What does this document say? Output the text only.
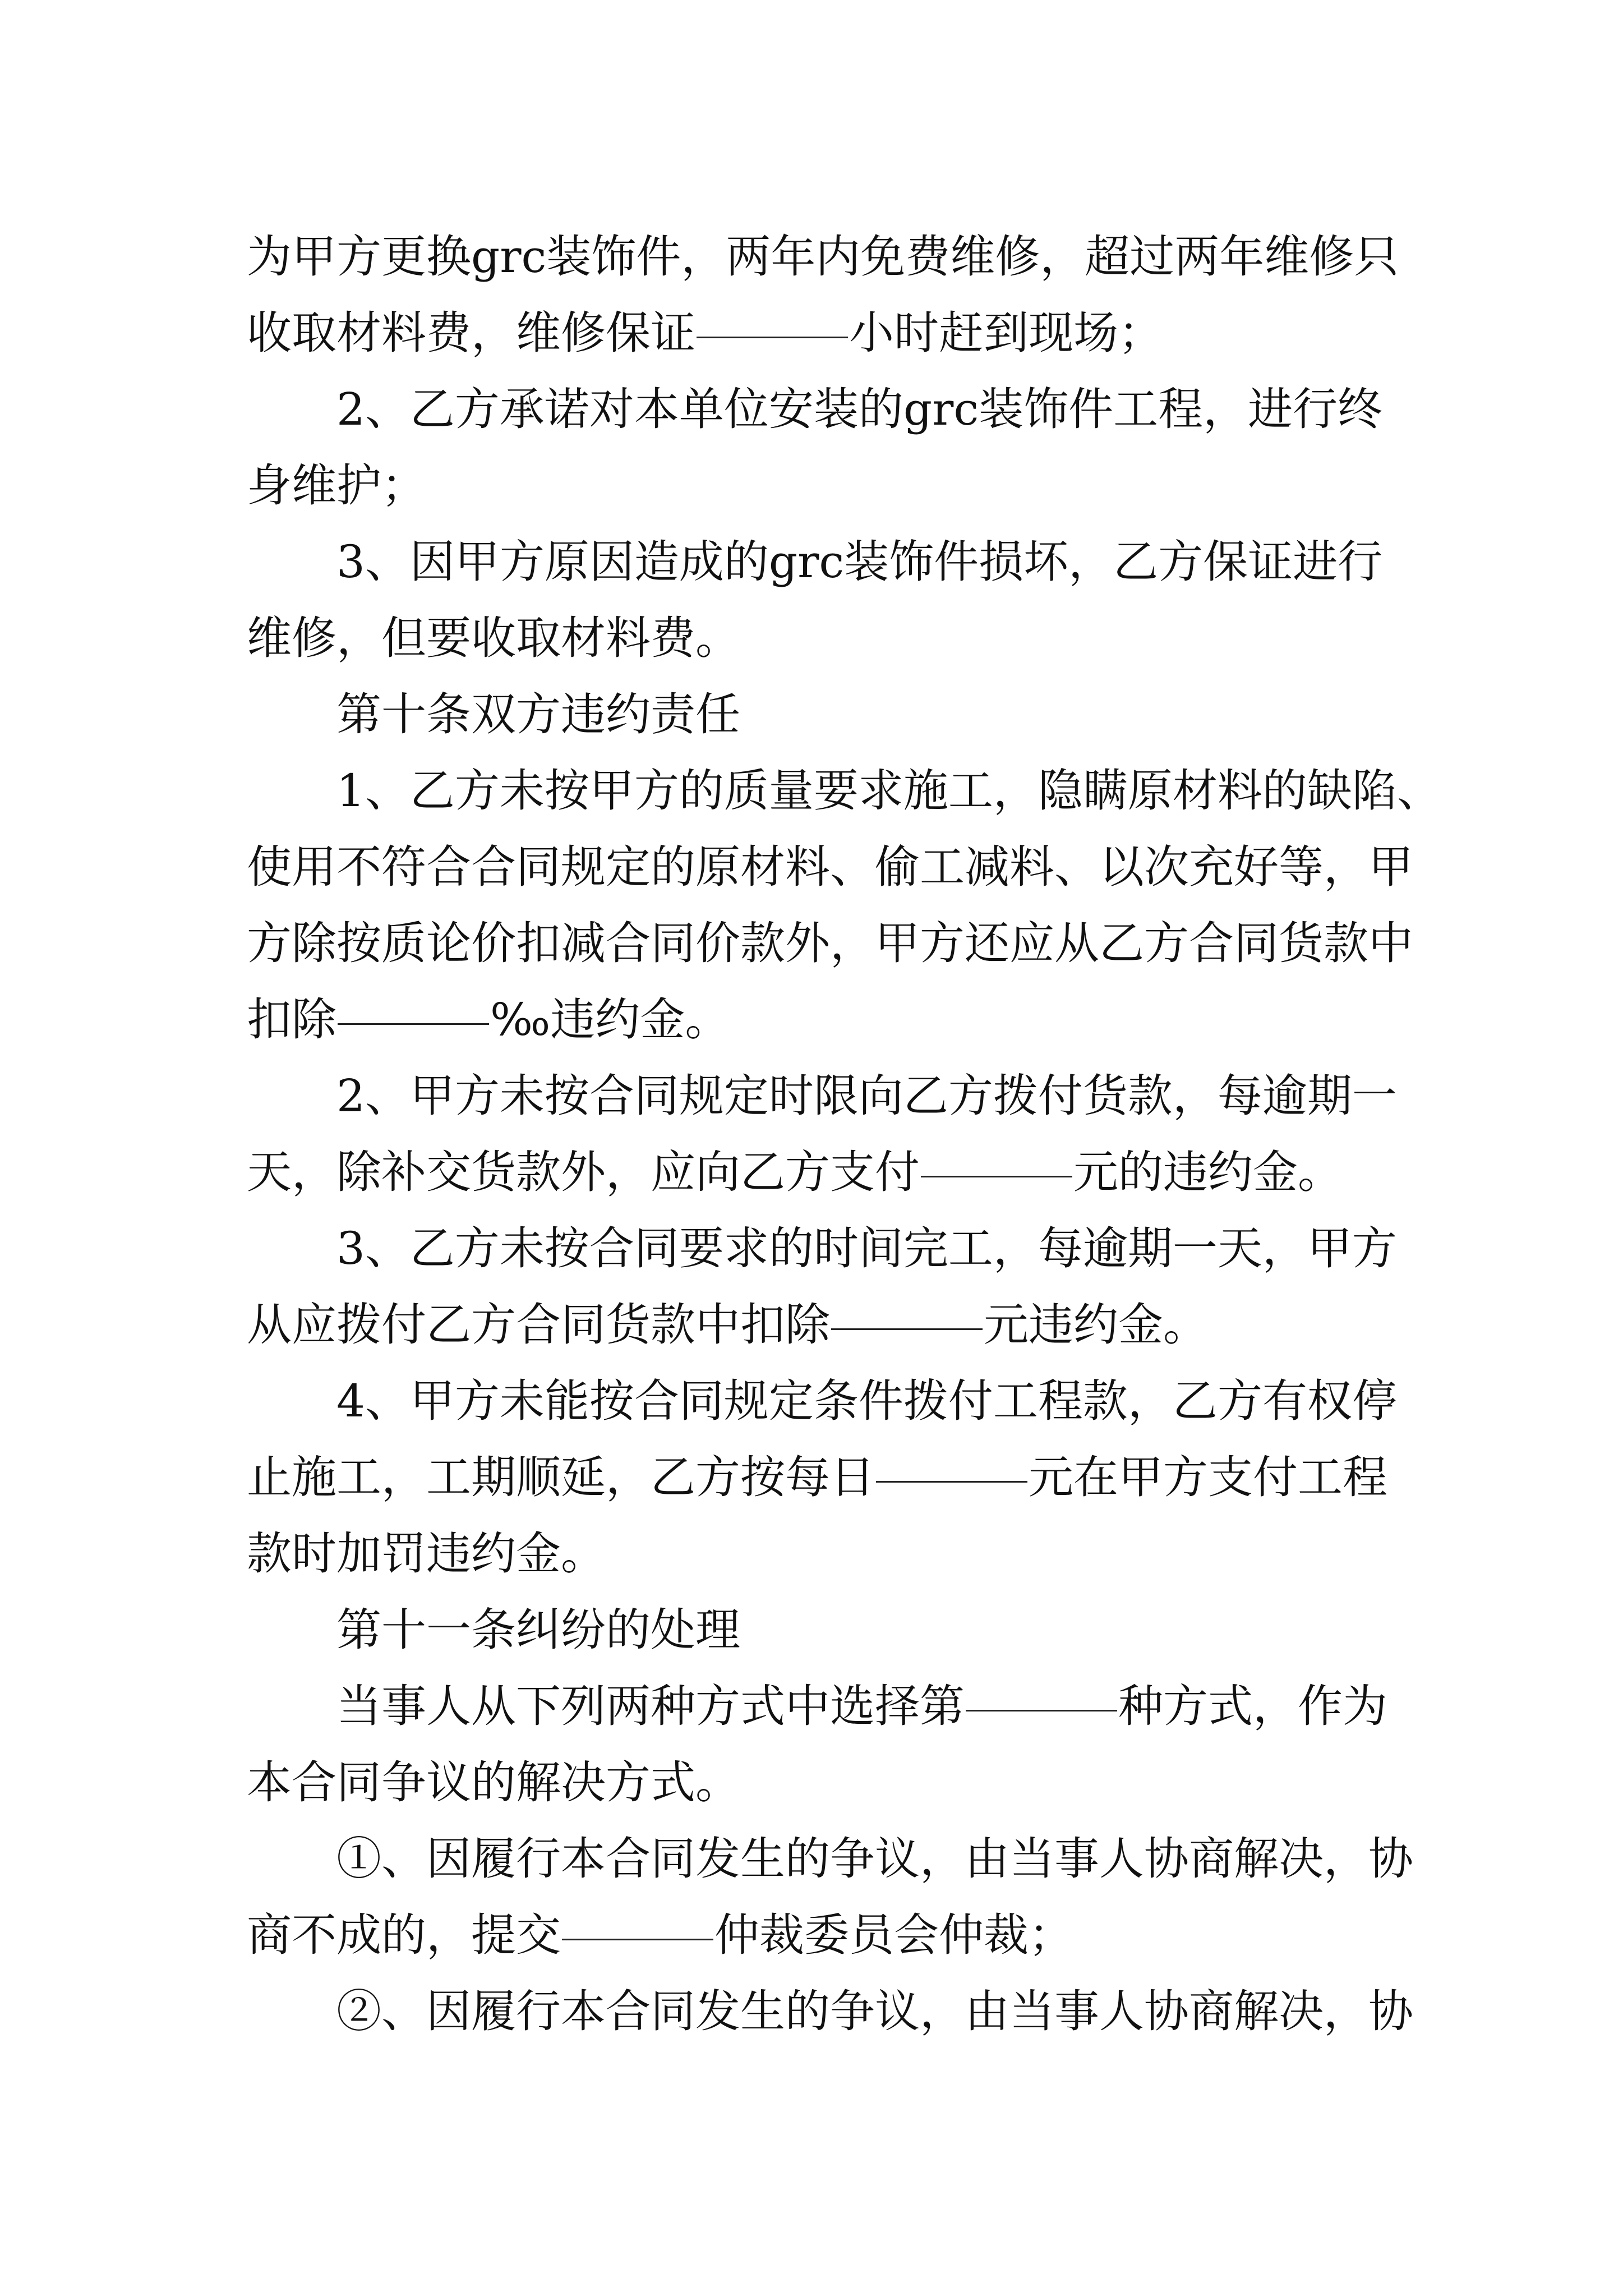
为甲方更换grc装饰件，两年内免费维修，超过两年维修只
收取材料费，维修保证	小时赶到现场；
2、乙方承诺对本单位安装的grc装饰件工程，进行终
身维护；
3、因甲方原因造成的grc装饰件损坏，乙方保证进行
维修，但要收取材料费。
第十条双方违约责任
1、乙方未按甲方的质量要求施工，隐瞒原材料的缺陷、
使用不符合合同规定的原材料、偷工减料、以次充好等，甲
方除按质论价扣减合同价款外，甲方还应从乙方合同货款中
扣除	‰违约金。
2、甲方未按合同规定时限向乙方拨付货款，每逾期一
天，除补交货款外，应向乙方支付	元的违约金。
3、乙方未按合同要求的时间完工，每逾期一天，甲方
从应拨付乙方合同货款中扣除	元违约金。
4、甲方未能按合同规定条件拨付工程款，乙方有权停
止施工，工期顺延，乙方按每日	元在甲方支付工程
款时加罚违约金。
第十一条纠纷的处理
当事人从下列两种方式中选择第	种方式，作为
本合同争议的解决方式。
①、因履行本合同发生的争议，由当事人协商解决，协
商不成的，提交	仲裁委员会仲裁；
②、因履行本合同发生的争议，由当事人协商解决，协
